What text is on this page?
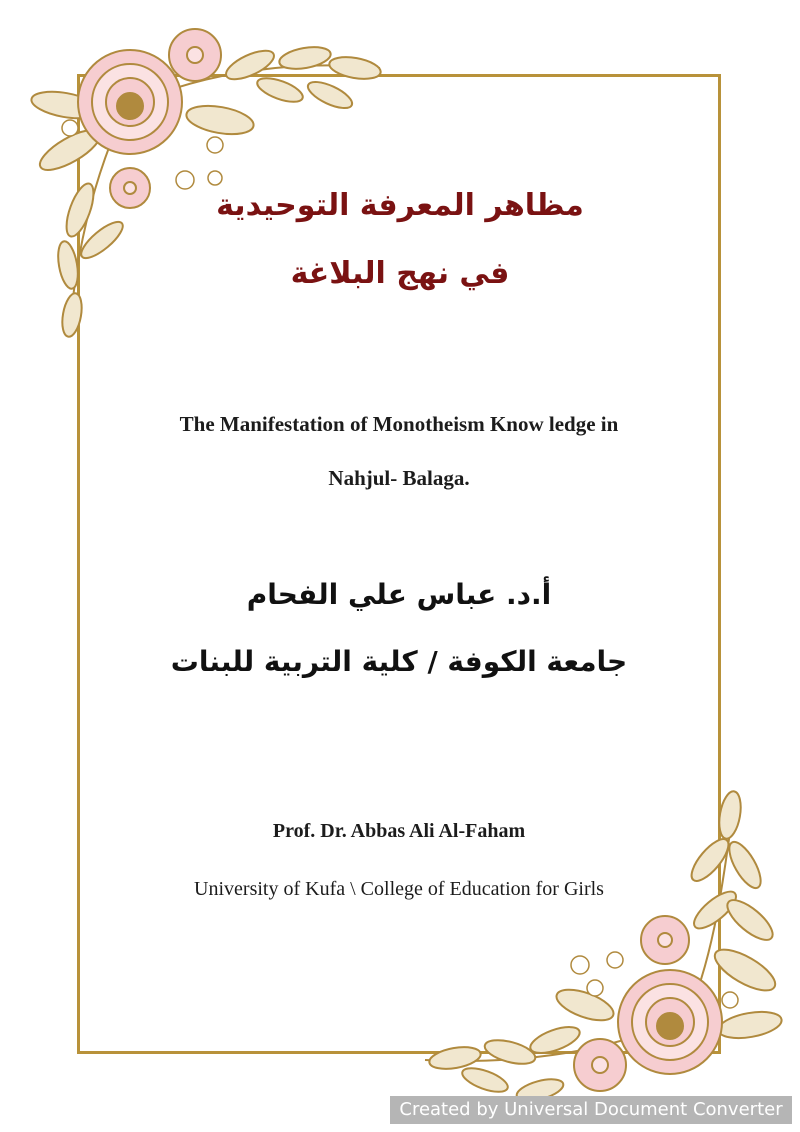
مظاهر المعرفة التوحيدية
في نهج البلاغة
The Manifestation of Monotheism Know ledge in
Nahjul- Balaga.
أ.د. عباس علي الفحام
جامعة الكوفة / كلية التربية للبنات
Prof. Dr. Abbas Ali Al-Faham
University of Kufa \ College of Education for Girls
Created by Universal Document Converter
